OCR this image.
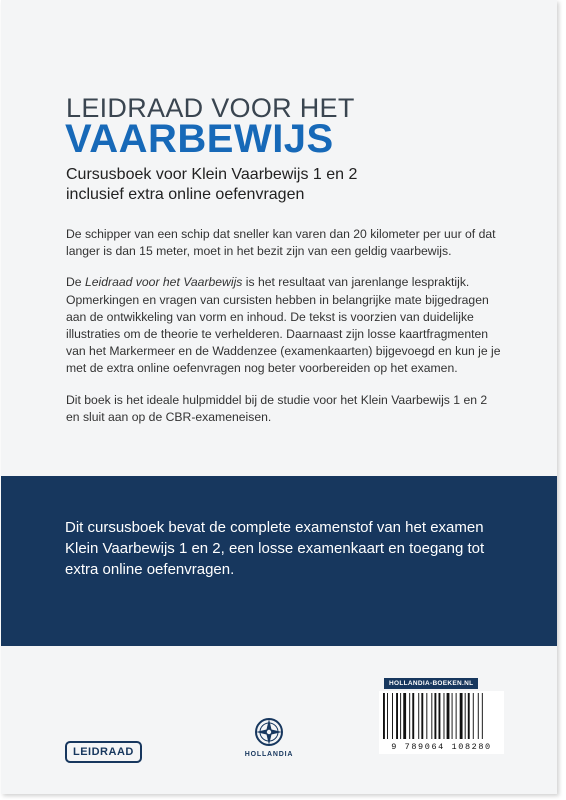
LEIDRAAD VOOR HET
VAARBEWIJS
Cursusboek voor Klein Vaarbewijs 1 en 2
inclusief extra online oefenvragen

De schipper van een schip dat sneller kan varen dan 20 kilometer per uur of dat langer is dan 15 meter, moet in het bezit zijn van een geldig vaarbewijs.

De Leidraad voor het Vaarbewijs is het resultaat van jarenlange lespraktijk. Opmerkingen en vragen van cursisten hebben in belangrijke mate bijgedragen aan de ontwikkeling van vorm en inhoud. De tekst is voorzien van duidelijke illustraties om de theorie te verhelderen. Daarnaast zijn losse kaartfragmenten van het Markermeer en de Waddenzee (examenkaarten) bijgevoegd en kun je je met de extra online oefenvragen nog beter voorbereiden op het examen.

Dit boek is het ideale hulpmiddel bij de studie voor het Klein Vaarbewijs 1 en 2 en sluit aan op de CBR-exameneisen.

Dit cursusboek bevat de complete examenstof van het examen Klein Vaarbewijs 1 en 2, een losse examenkaart en toegang tot extra online oefenvragen.
LEIDRAAD	HOLLANDIA
HOLLANDIA-BOEKEN.NL
9 789064 108280
